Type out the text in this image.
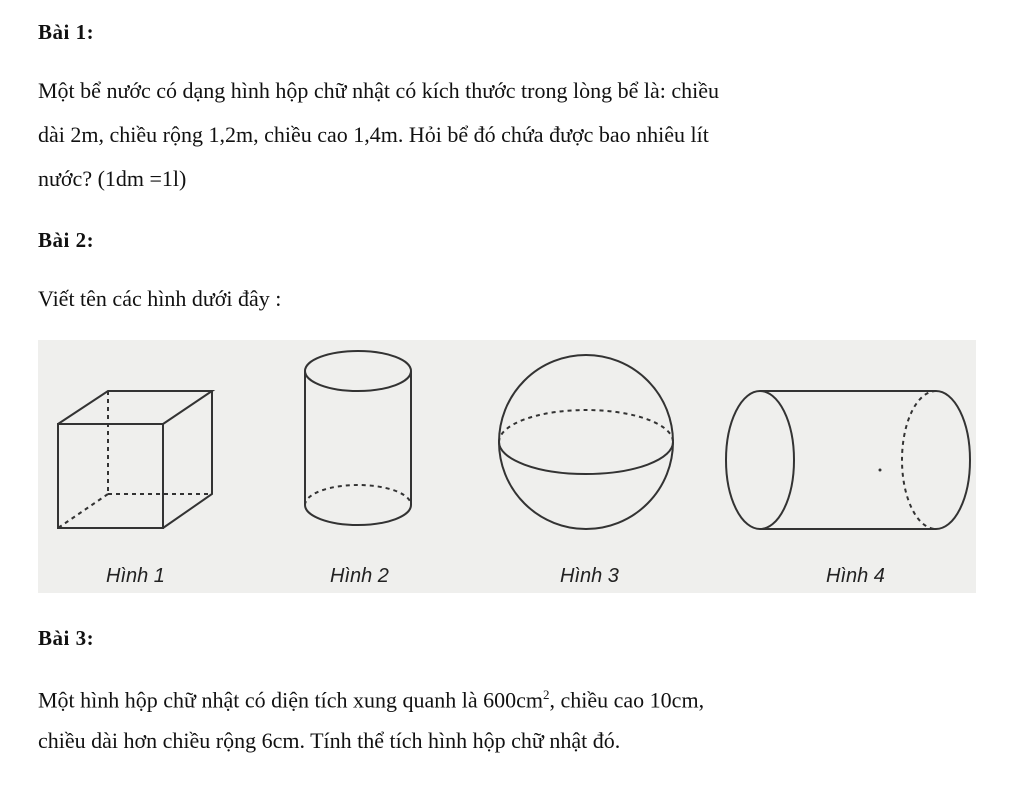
Bài 1:

Một bể nước có dạng hình hộp chữ nhật có kích thước trong lòng bể là: chiều

dài 2m, chiều rộng 1,2m, chiều cao 1,4m. Hỏi bể đó chứa được bao nhiêu lít

nước? (1dm =1l)

Bài 2:

Viết tên các hình dưới đây :

Hình 1	Hình 2	Hình 3	Hình 4

Bài 3:

Một hình hộp chữ nhật có diện tích xung quanh là $600cm^2$, chiều cao 10cm,

chiều dài hơn chiều rộng 6cm. Tính thể tích hình hộp chữ nhật đó.
